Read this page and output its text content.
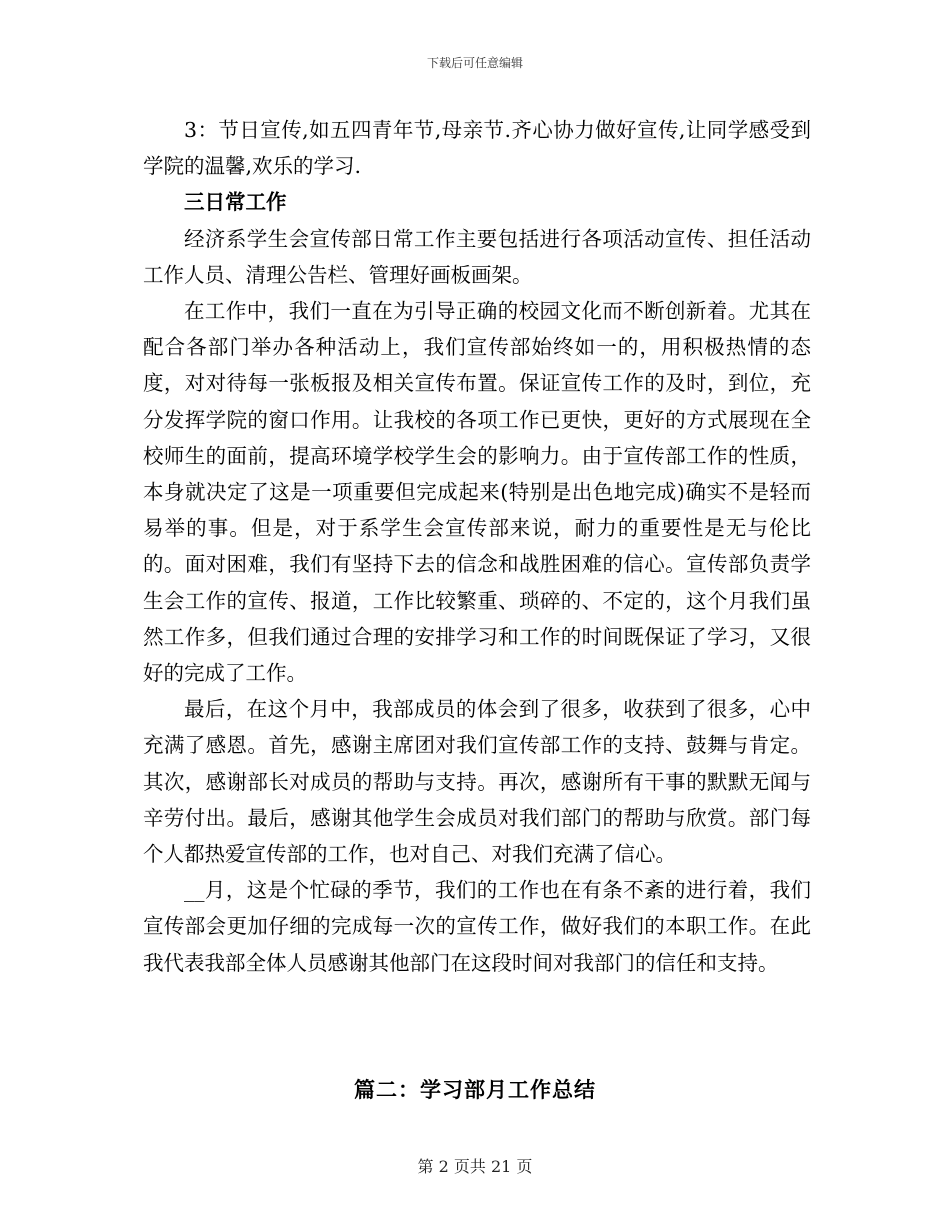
下载后可任意编辑

3：节日宣传,如五四青年节,母亲节.齐心协力做好宣传,让同学感受到学院的温馨,欢乐的学习.

三日常工作

经济系学生会宣传部日常工作主要包括进行各项活动宣传、担任活动工作人员、清理公告栏、管理好画板画架。

在工作中，我们一直在为引导正确的校园文化而不断创新着。尤其在配合各部门举办各种活动上，我们宣传部始终如一的，用积极热情的态度，对对待每一张板报及相关宣传布置。保证宣传工作的及时，到位，充分发挥学院的窗口作用。让我校的各项工作已更快，更好的方式展现在全校师生的面前，提高环境学校学生会的影响力。由于宣传部工作的性质，本身就决定了这是一项重要但完成起来(特别是出色地完成)确实不是轻而易举的事。但是，对于系学生会宣传部来说，耐力的重要性是无与伦比的。面对困难，我们有坚持下去的信念和战胜困难的信心。宣传部负责学生会工作的宣传、报道，工作比较繁重、琐碎的、不定的，这个月我们虽然工作多，但我们通过合理的安排学习和工作的时间既保证了学习，又很好的完成了工作。

最后，在这个月中，我部成员的体会到了很多，收获到了很多，心中充满了感恩。首先，感谢主席团对我们宣传部工作的支持、鼓舞与肯定。其次，感谢部长对成员的帮助与支持。再次，感谢所有干事的默默无闻与辛劳付出。最后，感谢其他学生会成员对我们部门的帮助与欣赏。部门每个人都热爱宣传部的工作，也对自己、对我们充满了信心。

__月，这是个忙碌的季节，我们的工作也在有条不紊的进行着，我们宣传部会更加仔细的完成每一次的宣传工作，做好我们的本职工作。在此我代表我部全体人员感谢其他部门在这段时间对我部门的信任和支持。

篇二：学习部月工作总结
第 2 页共 21 页
